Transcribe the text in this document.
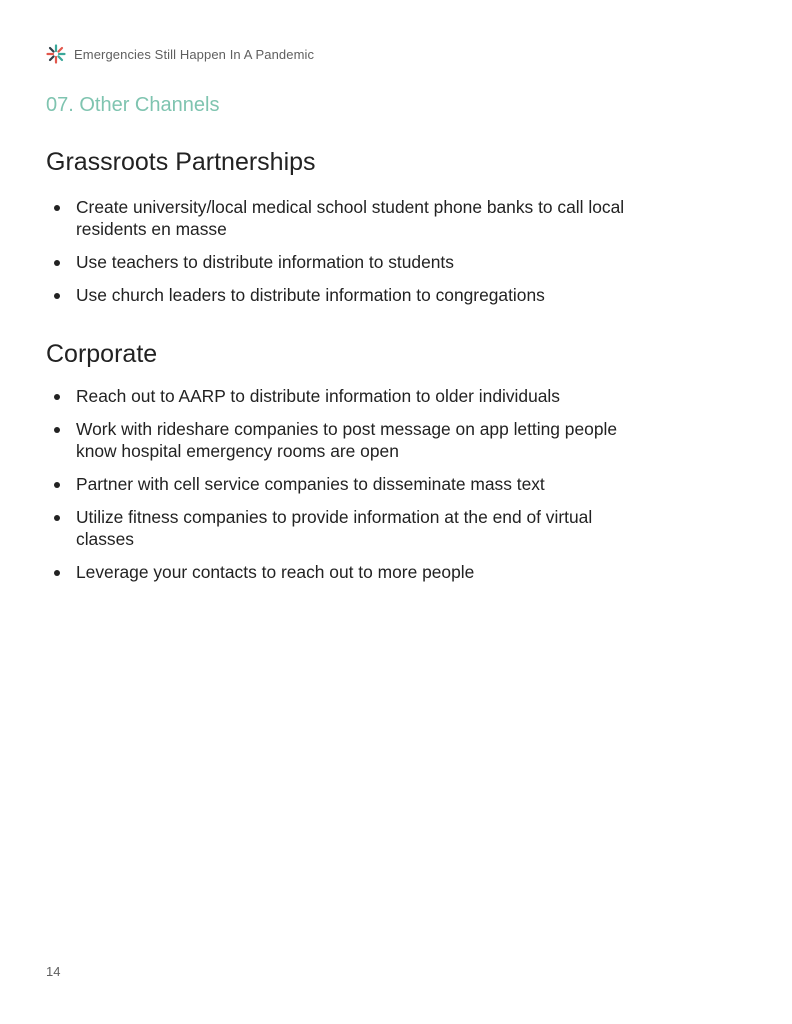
Emergencies Still Happen In A Pandemic
07. Other Channels
Grassroots Partnerships
Create university/local medical school student phone banks to call local residents en masse
Use teachers to distribute information to students
Use church leaders to distribute information to congregations
Corporate
Reach out to AARP to distribute information to older individuals
Work with rideshare companies to post message on app letting people know hospital emergency rooms are open
Partner with cell service companies to disseminate mass text
Utilize fitness companies to provide information at the end of virtual classes
Leverage your contacts to reach out to more people
14
